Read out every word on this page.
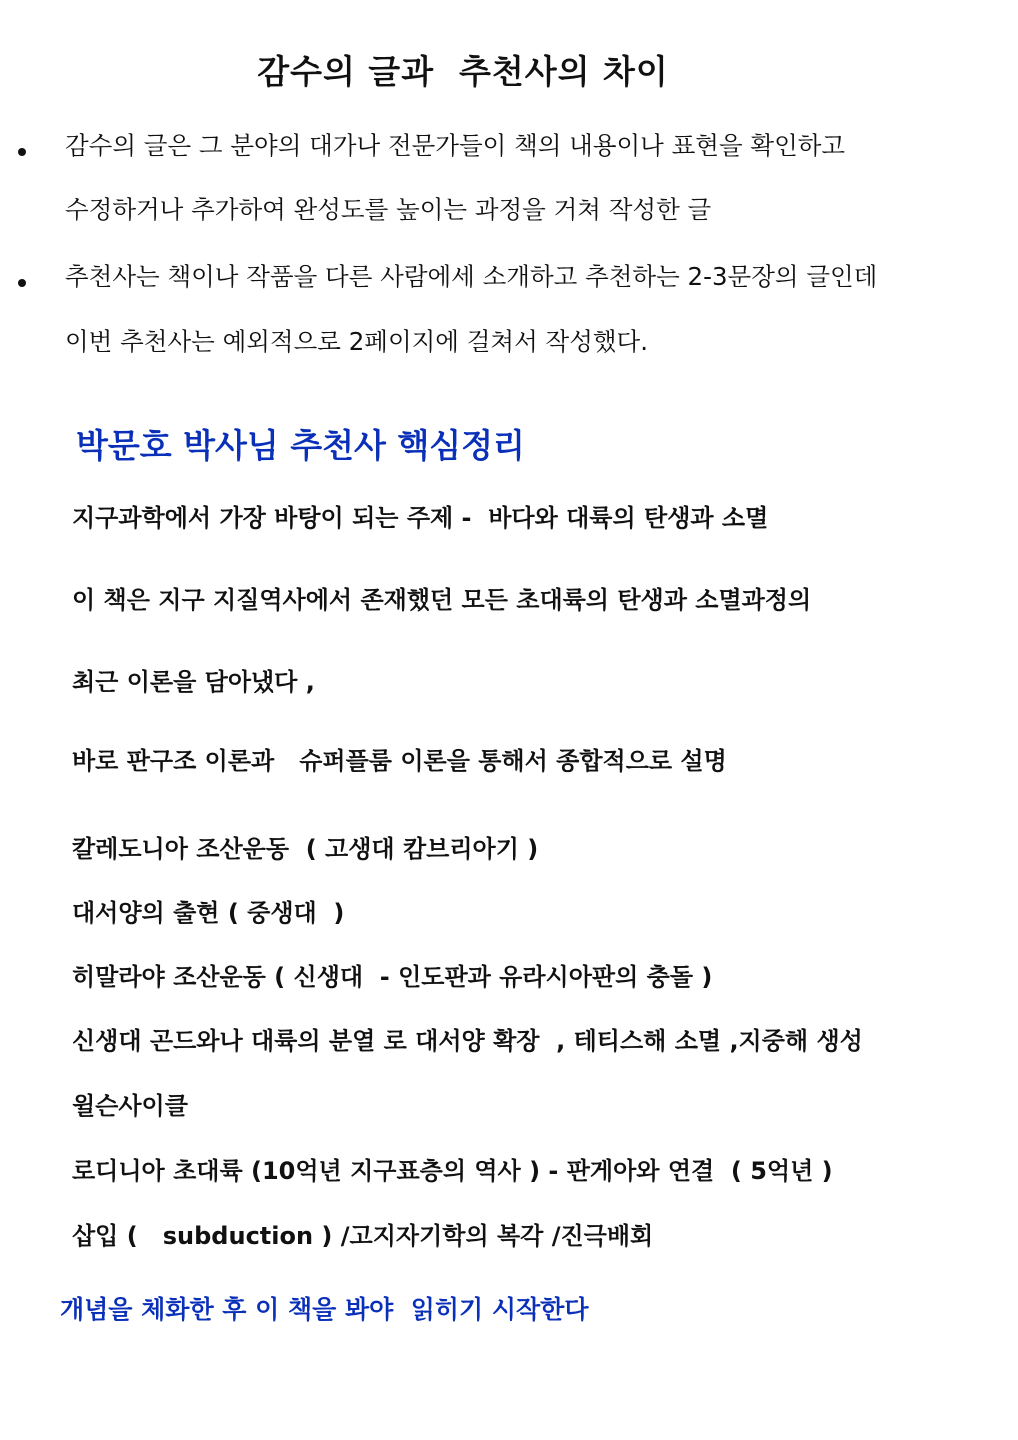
감수의 글과  추천사의 차이
감수의 글은 그 분야의 대가나 전문가들이 책의 내용이나 표현을 확인하고
수정하거나 추가하여 완성도를 높이는 과정을 거쳐 작성한 글
추천사는 책이나 작품을 다른 사람에세 소개하고 추천하는 2-3문장의 글인데
이번 추천사는 예외적으로 2페이지에 걸쳐서 작성했다.
박문호 박사님 추천사 핵심정리
지구과학에서 가장 바탕이 되는 주제 -  바다와 대륙의 탄생과 소멸
이 책은 지구 지질역사에서 존재했던 모든 초대륙의 탄생과 소멸과정의
최근 이론을 담아냈다 ,
바로 판구조 이론과   슈퍼플룸 이론을 통해서 종합적으로 설명
칼레도니아 조산운동  ( 고생대 캄브리아기 )
대서양의 출현 ( 중생대  )
히말라야 조산운동 ( 신생대  - 인도판과 유라시아판의 충돌 )
신생대 곤드와나 대륙의 분열 로 대서양 확장  , 테티스해 소멸 ,지중해 생성
윌슨사이클
로디니아 초대륙 (10억년 지구표층의 역사 ) - 판게아와 연결  ( 5억년 )
삽입 (   subduction ) /고지자기학의 복각 /진극배회
개념을 체화한 후 이 책을 봐야  읽히기 시작한다
